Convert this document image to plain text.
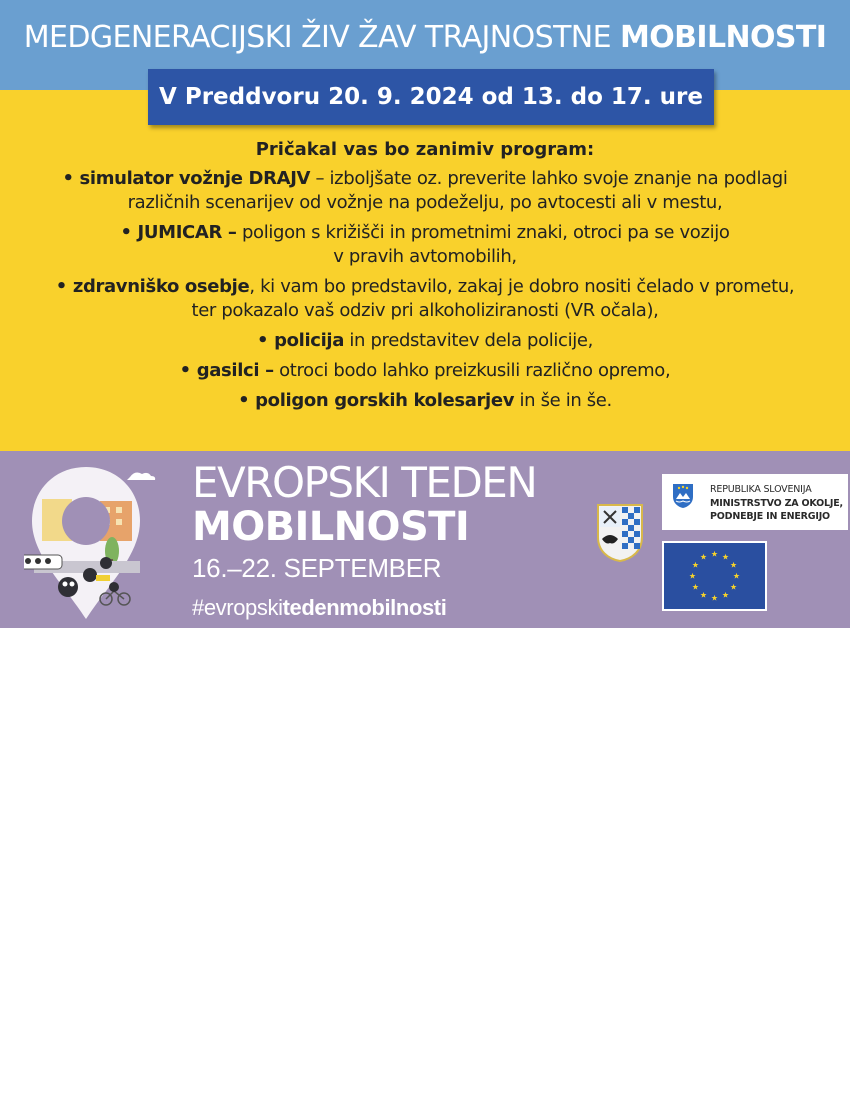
MEDGENERACIJSKI ŽIV ŽAV TRAJNOSTNE MOBILNOSTI
V Preddvoru 20. 9. 2024 od 13. do 17. ure
Pričakal vas bo zanimiv program:
• simulator vožnje DRAJV – izboljšate oz. preverite lahko svoje znanje na podlagi
različnih scenarijev od vožnje na podeželju, po avtocesti ali v mestu,
• JUMICAR – poligon s križišči in prometnimi znaki, otroci pa se vozijo
v pravih avtomobilih,
• zdravniško osebje, ki vam bo predstavilo, zakaj je dobro nositi čelado v prometu,
ter pokazalo vaš odziv pri alkoholiziranosti (VR očala),
• policija in predstavitev dela policije,
• gasilci – otroci bodo lahko preizkusili različno opremo,
• poligon gorskih kolesarjev in še in še.
EVROPSKI TEDEN
MOBILNOSTI
16.–22. SEPTEMBER
#evropskitedenmobilnosti
REPUBLIKA SLOVENIJA
MINISTRSTVO ZA OKOLJE,
PODNEBJE IN ENERGIJO
